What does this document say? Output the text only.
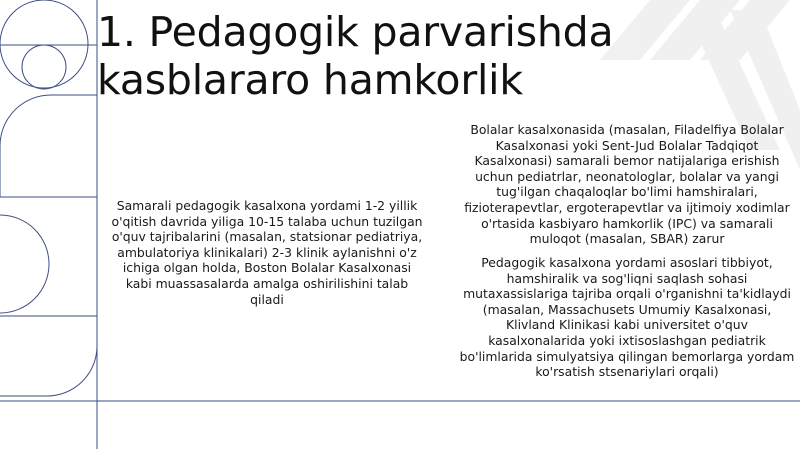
1. Pedagogik parvarishda kasblararo hamkorlik

Samarali pedagogik kasalxona yordami 1-2 yillik o'qitish davrida yiliga 10-15 talaba uchun tuzilgan o'quv tajribalarini (masalan, statsionar pediatriya, ambulatoriya klinikalari) 2-3 klinik aylanishni o'z ichiga olgan holda, Boston Bolalar Kasalxonasi kabi muassasalarda amalga oshirilishini talab qiladi

Bolalar kasalxonasida (masalan, Filadelfiya Bolalar Kasalxonasi yoki Sent-Jud Bolalar Tadqiqot Kasalxonasi) samarali bemor natijalariga erishish uchun pediatrlar, neonatologlar, bolalar va yangi tug'ilgan chaqaloqlar bo'limi hamshiralari, fizioterapevtlar, ergoterapevtlar va ijtimoiy xodimlar o'rtasida kasbiyaro hamkorlik (IPC) va samarali muloqot (masalan, SBAR) zarur

Pedagogik kasalxona yordami asoslari tibbiyot, hamshiralik va sog'liqni saqlash sohasi mutaxassislariga tajriba orqali o'rganishni ta'kidlaydi (masalan, Massachusets Umumiy Kasalxonasi, Klivland Klinikasi kabi universitet o'quv kasalxonalarida yoki ixtisoslashgan pediatrik bo'limlarida simulyatsiya qilingan bemorlarga yordam ko'rsatish stsenariylari orqali)
